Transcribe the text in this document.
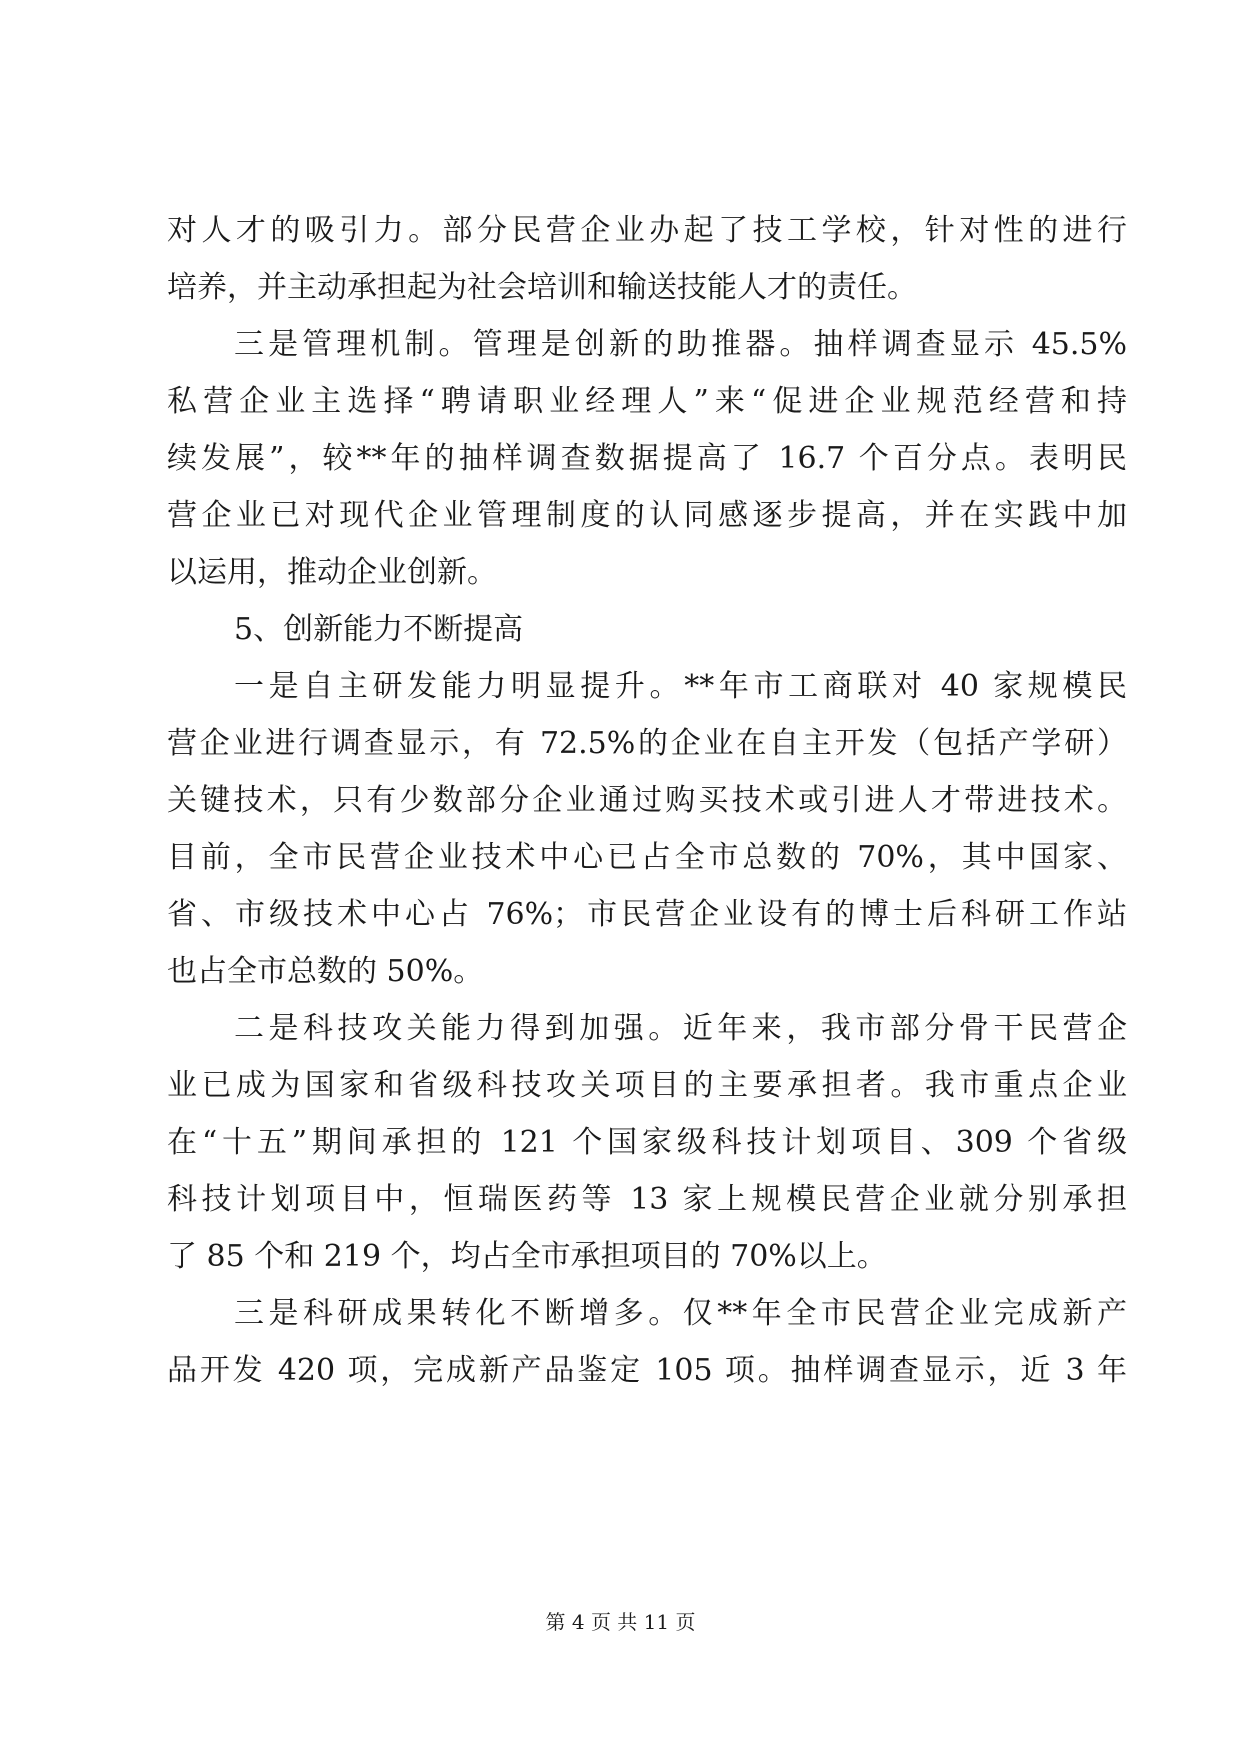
对人才的吸引力。部分民营企业办起了技工学校，针对性的进行
培养，并主动承担起为社会培训和输送技能人才的责任。
三是管理机制。管理是创新的助推器。抽样调查显示 45.5%
私营企业主选择“聘请职业经理人”来“促进企业规范经营和持
续发展”，较**年的抽样调查数据提高了 16.7 个百分点。表明民
营企业已对现代企业管理制度的认同感逐步提高，并在实践中加
以运用，推动企业创新。
5、创新能力不断提高
一是自主研发能力明显提升。**年市工商联对 40 家规模民
营企业进行调查显示，有 72.5%的企业在自主开发（包括产学研）
关键技术，只有少数部分企业通过购买技术或引进人才带进技术。
目前，全市民营企业技术中心已占全市总数的 70%，其中国家、
省、市级技术中心占 76%；市民营企业设有的博士后科研工作站
也占全市总数的 50%。
二是科技攻关能力得到加强。近年来，我市部分骨干民营企
业已成为国家和省级科技攻关项目的主要承担者。我市重点企业
在“十五”期间承担的 121 个国家级科技计划项目、309 个省级
科技计划项目中，恒瑞医药等 13 家上规模民营企业就分别承担
了 85 个和 219 个，均占全市承担项目的 70%以上。
三是科研成果转化不断增多。仅**年全市民营企业完成新产
品开发 420 项，完成新产品鉴定 105 项。抽样调查显示，近 3 年
第 4 页 共 11 页
